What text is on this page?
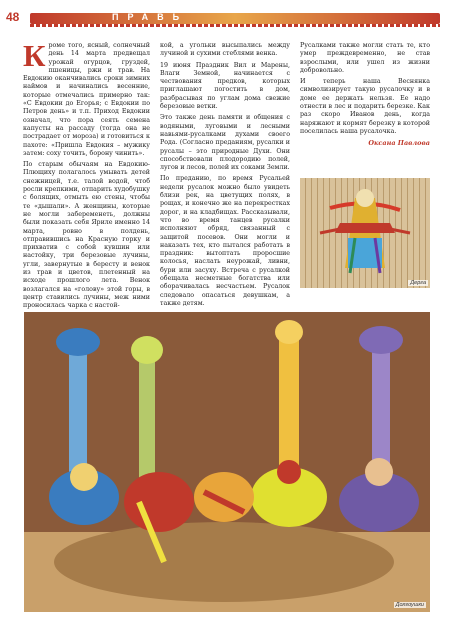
48	ПРАВЬ

Кроме того, ясный, солнечный день 14 марта предвещал урожай огурцов, груздей, пшеницы, ржи и трав. На Евдокию оканчивались сроки зимних наймов и начинались весенние, которые отмечались примерно так: «С Евдокии до Егорья; с Евдокии по Петров день» и т.п. Приход Евдокии означал, что пора сеять семена капусты на рассаду (тогда она не пострадает от мороза) и готовиться к пахоте: «Пришла Евдокия – мужику затем: соху точить, борону чинить».

По старым обычаям на Евдокию-Плющиху полагалось умывать детей снежницей, т.е. талой водой, чтоб росли крепкими, отпарить худобушку с болящих, отмыть ею стены, чтобы те «дышали». А женщины, которые не могли забеременеть, должны были показать себя Яриле именно 14 марта, ровно в полдень, отправившись на Красную горку и прихватив с собой кувшин или настойку, три березовые лучины, угли, завернутые в бересту и венок из трав и цветов, плетенный на исходе прошлого лета. Венок возлагался на «голову» этой горы, в центр ставились лучины, меж ними проносилась чарка с настой-

кой, а угольки высыпались между лучиной и сухими стеблями венка.

19 июня Праздник Вил и Марены, Влаги Земной, начинается с чествования предков, которых приглашают погостить в дом, разбрасывая по углам дома свежие березовые ветки.

Это также день памяти и общения с водяными, луговыми и лесными навьями-русалками духами своего Рода. (Согласно преданиям, русалки и русалы – это природные Духи. Они способствовали плодородию полей, лугов и лесов, полей их соками Земли.

По преданию, по время Русальей недели русалок можно было увидеть близи рек, на цветущих полях, в рощах, и конечно же на перекрестках дорог, и на кладбищах. Рассказывали, что во время танцев русалки исполняют обряд, связанный с защитой посевов. Они могли и наказать тех, кто пытался работать в праздник: вытоптать проросшие колосья, наслать неурожай, ливни, бури или засуху. Встреча с русалкой обещала несметные богатства или оборачивалась несчастьем. Русалок следовало опасаться девушкам, а также детям.

Русалками также могли стать те, кто умер преждевременно, не став взрослыми, или ушел из жизни добровольно.

И теперь наша Веснянка символизирует такую русалочку и в доме ее держать нельзя. Ее надо отнести в лес и подарить березке. Как раз скоро Иванов день, когда наряжают и кормят березку в которой поселилась наша русалочка.

Оксана Павлова

Дерга
Долгоушки
